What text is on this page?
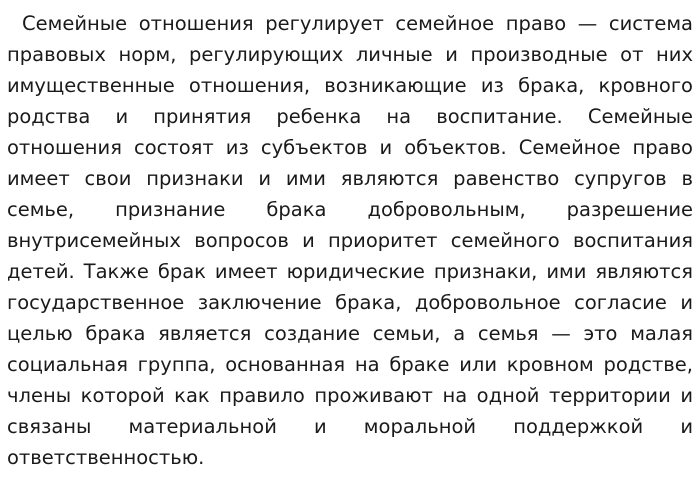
Семейные отношения регулирует семейное право — система правовых норм, регулирующих личные и производные от них имущественные отношения, возникающие из брака, кровного родства и принятия ребенка на воспитание. Семейные отношения состоят из субъектов и объектов. Семейное право имеет свои признаки и ими являются равенство супругов в семье, признание брака добровольным, разрешение внутрисемейных вопросов и приоритет семейного воспитания детей. Также брак имеет юридические признаки, ими являются государственное заключение брака, добровольное согласие и целью брака является создание семьи, а семья — это малая социальная группа, основанная на браке или кровном родстве, члены которой как правило проживают на одной территории и связаны материальной и моральной поддержкой и ответственностью.
